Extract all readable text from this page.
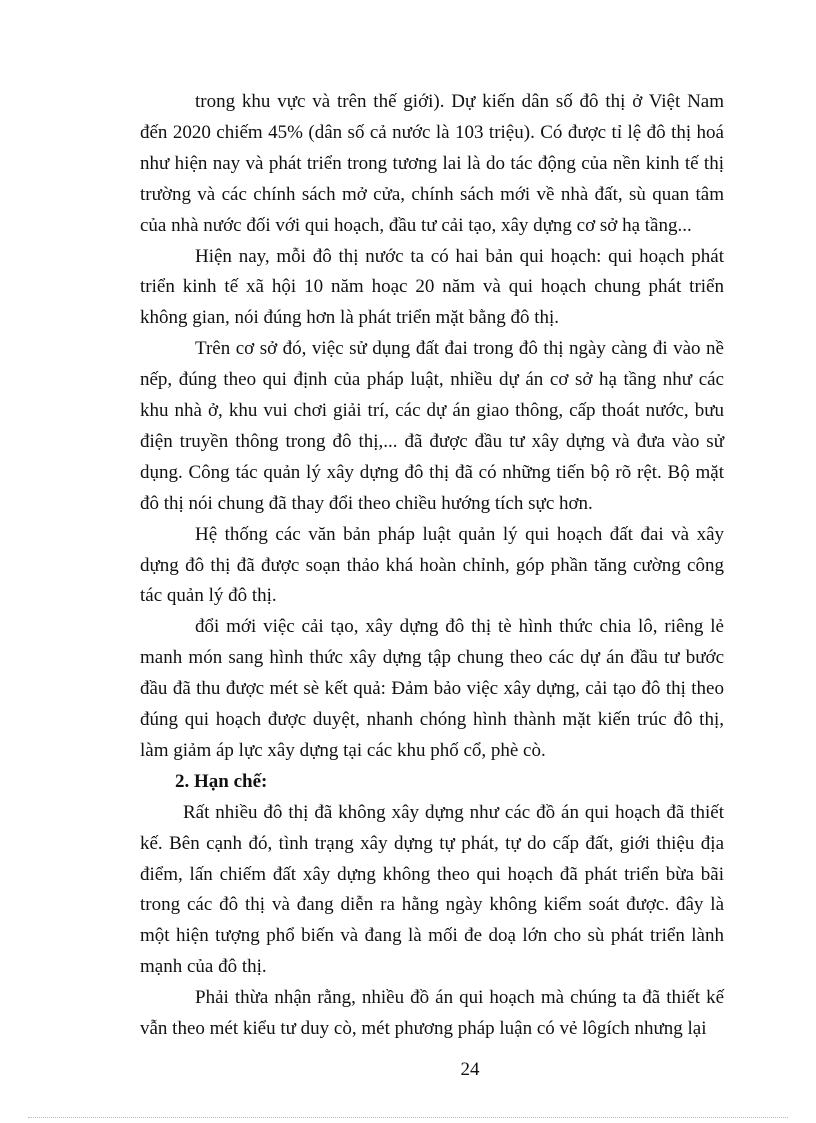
trong khu vực và trên thế giới). Dự kiến dân số đô thị ở Việt Nam
đến 2020 chiếm 45% (dân số cả nước là 103 triệu). Có được tỉ lệ đô thị hoá
như hiện nay và phát triển trong tương lai là do tác động của nền kinh tế thị
trường và các chính sách mở cửa, chính sách mới về nhà đất, sù quan tâm
của nhà nước đối với qui hoạch, đầu tư cải tạo, xây dựng cơ sở hạ tầng...
Hiện nay, mỗi đô thị nước ta có hai bản qui hoạch: qui hoạch phát
triển kinh tế xã hội 10 năm hoạc 20 năm và qui hoạch chung phát triển
không gian, nói đúng hơn là phát triển mặt bằng đô thị.
Trên cơ sở đó, việc sử dụng đất đai trong đô thị ngày càng đi vào nề
nếp, đúng theo qui định của pháp luật, nhiều dự án cơ sở hạ tầng như các
khu nhà ở, khu vui chơi giải trí, các dự án giao thông, cấp thoát nước, bưu
điện truyền thông trong đô thị,... đã được đầu tư xây dựng và đưa vào sử
dụng. Công tác quản lý xây dựng đô thị đã có những tiến bộ rõ rệt. Bộ mặt
đô thị nói chung đã thay đổi theo chiều hướng tích sực hơn.
Hệ thống các văn bản pháp luật quản lý qui hoạch đất đai và xây
dựng đô thị đã được soạn thảo khá hoàn chỉnh, góp phần tăng cường công
tác quản lý đô thị.
đổi mới việc cải tạo, xây dựng đô thị tè hình thức chia lô, riêng lẻ
manh món sang hình thức xây dựng tập chung theo các dự án đầu tư bước
đầu đã thu được mét sè kết quả: Đảm bảo việc xây dựng, cải tạo đô thị theo
đúng qui hoạch được duyệt, nhanh chóng hình thành mặt kiến trúc đô thị,
làm giảm áp lực xây dựng tại các khu phố cổ, phè cò.
2. Hạn chế:
Rất nhiều đô thị đã không xây dựng như các đồ án qui hoạch đã thiết
kế. Bên cạnh đó, tình trạng xây dựng tự phát, tự do cấp đất, giới thiệu địa
điểm, lấn chiếm đất xây dựng không theo qui hoạch đã phát triển bừa bãi
trong các đô thị và đang diễn ra hằng ngày không kiểm soát được. đây là
một hiện tượng phổ biến và đang là mối đe doạ lớn cho sù phát triển lành
mạnh của đô thị.
Phải thừa nhận rằng, nhiều đồ án qui hoạch mà chúng ta đã thiết kế
vẫn theo mét kiểu tư duy cò, mét phương pháp luận có vẻ lôgích nhưng lại
24
